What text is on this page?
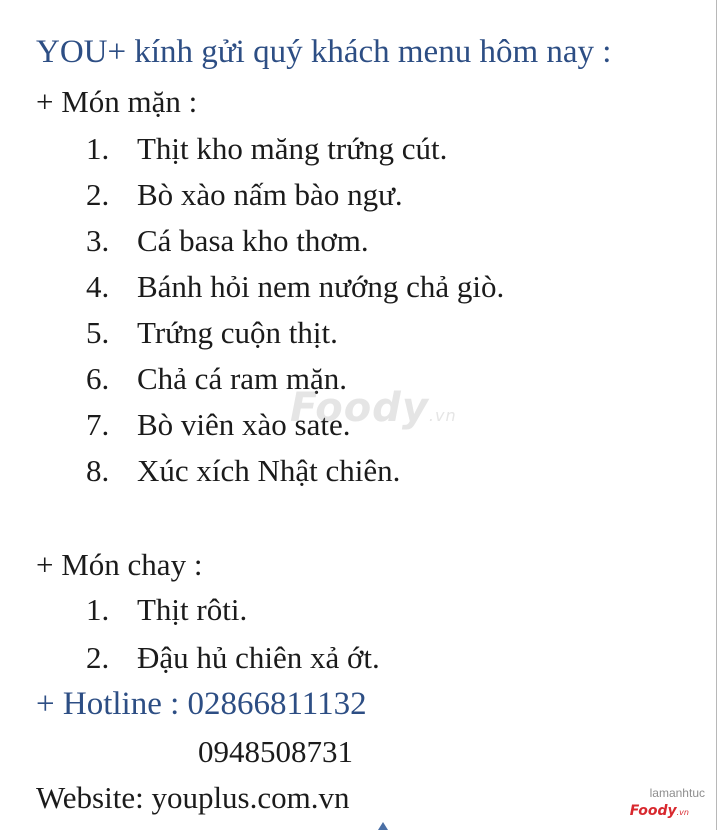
YOU+ kính gửi quý khách menu hôm nay :
+ Món mặn :
1. Thịt kho măng trứng cút.
2. Bò xào nấm bào ngư.
3. Cá basa kho thơm.
4. Bánh hỏi nem nướng chả giò.
5. Trứng cuộn thịt.
6. Chả cá ram mặn.
7. Bò viên xào sate.
8. Xúc xích Nhật chiên.
+ Món chay :
1. Thịt rôti.
2. Đậu hủ chiên xả ớt.
+ Hotline : 02866811132
0948508731
Website: youplus.com.vn
Foody.vn
lamanhtuc
Foody.vn
